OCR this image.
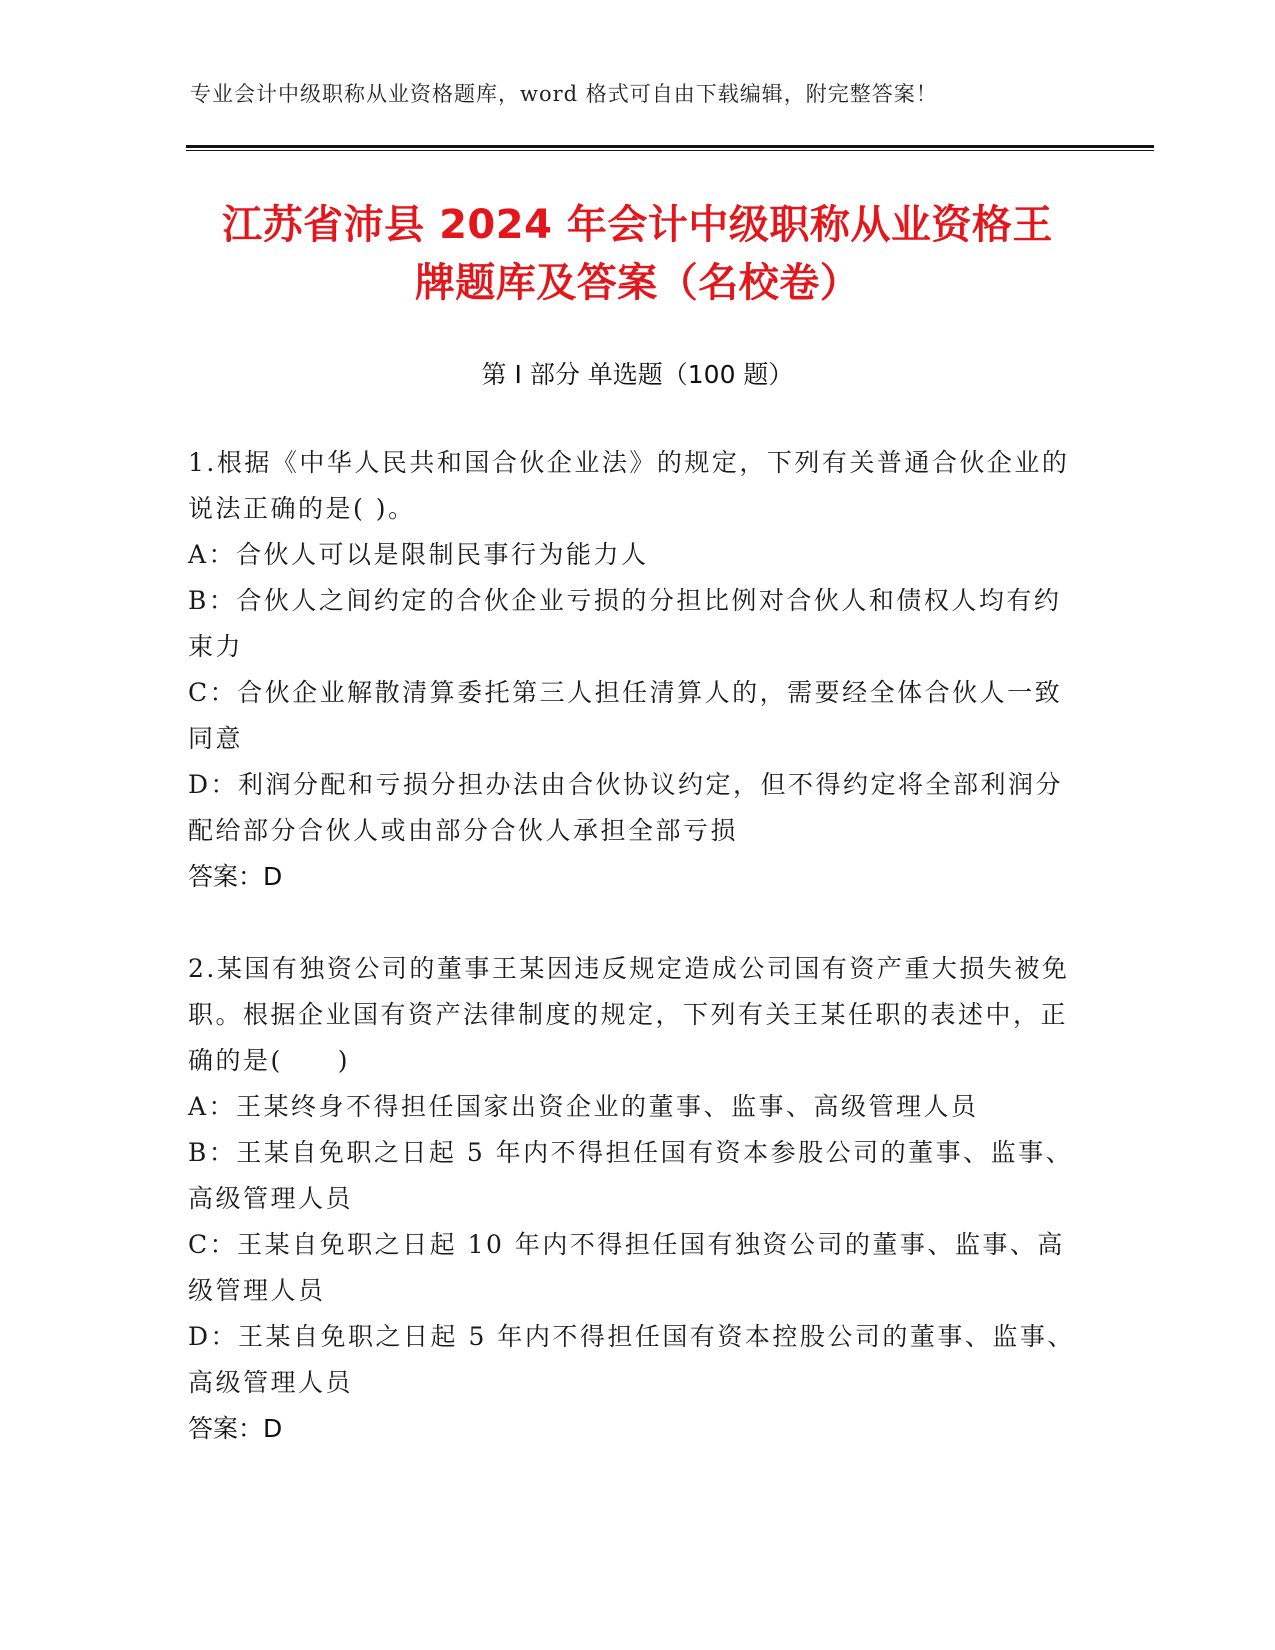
专业会计中级职称从业资格题库，word 格式可自由下载编辑，附完整答案！
江苏省沛县 2024 年会计中级职称从业资格王
牌题库及答案（名校卷）
第 I 部分 单选题（100 题）

1.根据《中华人民共和国合伙企业法》的规定，下列有关普通合伙企业的说法正确的是( )。

A：合伙人可以是限制民事行为能力人

B：合伙人之间约定的合伙企业亏损的分担比例对合伙人和债权人均有约束力

C：合伙企业解散清算委托第三人担任清算人的，需要经全体合伙人一致同意

D：利润分配和亏损分担办法由合伙协议约定，但不得约定将全部利润分配给部分合伙人或由部分合伙人承担全部亏损

答案：D

2.某国有独资公司的董事王某因违反规定造成公司国有资产重大损失被免职。根据企业国有资产法律制度的规定，下列有关王某任职的表述中，正确的是(　　)

A：王某终身不得担任国家出资企业的董事、监事、高级管理人员

B：王某自免职之日起 5 年内不得担任国有资本参股公司的董事、监事、高级管理人员

C：王某自免职之日起 10 年内不得担任国有独资公司的董事、监事、高级管理人员

D：王某自免职之日起 5 年内不得担任国有资本控股公司的董事、监事、高级管理人员

答案：D
